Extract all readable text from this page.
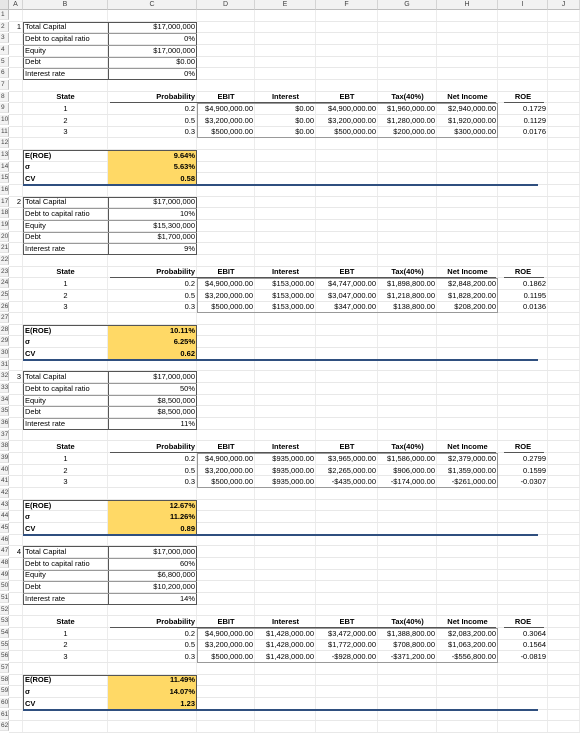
A	B	C	D	E	F	G	H	I	J
1
2
3
4
5
6
7
8
9
10
11
12
13
14
15
16
17
18
19
20
21
22
23
24
25
26
27
28
29
30
31
32
33
34
35
36
37
38
39
40
41
42
43
44
45
46
47
48
49
50
51
52
53
54
55
56
57
58
59
60
61
62
1 Total Capital	$17,000,000
Debt to capital ratio	0%
Equity	$17,000,000
Debt	$0.00
Interest rate	0%
State	Probability	EBIT	Interest	EBT	Tax(40%)	Net Income	ROE
1	0.2	$4,900,000.00	$0.00	$4,900,000.00	$1,960,000.00	$2,940,000.00	0.1729
2	0.5	$3,200,000.00	$0.00	$3,200,000.00	$1,280,000.00	$1,920,000.00	0.1129
3	0.3	$500,000.00	$0.00	$500,000.00	$200,000.00	$300,000.00	0.0176
E(ROE)	9.64%
σ	5.63%
CV	0.58
2 Total Capital	$17,000,000
Debt to capital ratio	10%
Equity	$15,300,000
Debt	$1,700,000
Interest rate	9%
State	Probability	EBIT	Interest	EBT	Tax(40%)	Net Income	ROE
1	0.2	$4,900,000.00	$153,000.00	$4,747,000.00	$1,898,800.00	$2,848,200.00	0.1862
2	0.5	$3,200,000.00	$153,000.00	$3,047,000.00	$1,218,800.00	$1,828,200.00	0.1195
3	0.3	$500,000.00	$153,000.00	$347,000.00	$138,800.00	$208,200.00	0.0136
E(ROE)	10.11%
σ	6.25%
CV	0.62
3 Total Capital	$17,000,000
Debt to capital ratio	50%
Equity	$8,500,000
Debt	$8,500,000
Interest rate	11%
State	Probability	EBIT	Interest	EBT	Tax(40%)	Net Income	ROE
1	0.2	$4,900,000.00	$935,000.00	$3,965,000.00	$1,586,000.00	$2,379,000.00	0.2799
2	0.5	$3,200,000.00	$935,000.00	$2,265,000.00	$906,000.00	$1,359,000.00	0.1599
3	0.3	$500,000.00	$935,000.00	-$435,000.00	-$174,000.00	-$261,000.00	-0.0307
E(ROE)	12.67%
σ	11.26%
CV	0.89
4 Total Capital	$17,000,000
Debt to capital ratio	60%
Equity	$6,800,000
Debt	$10,200,000
Interest rate	14%
State	Probability	EBIT	Interest	EBT	Tax(40%)	Net Income	ROE
1	0.2	$4,900,000.00	$1,428,000.00	$3,472,000.00	$1,388,800.00	$2,083,200.00	0.3064
2	0.5	$3,200,000.00	$1,428,000.00	$1,772,000.00	$708,800.00	$1,063,200.00	0.1564
3	0.3	$500,000.00	$1,428,000.00	-$928,000.00	-$371,200.00	-$556,800.00	-0.0819
E(ROE)	11.49%
σ	14.07%
CV	1.23
